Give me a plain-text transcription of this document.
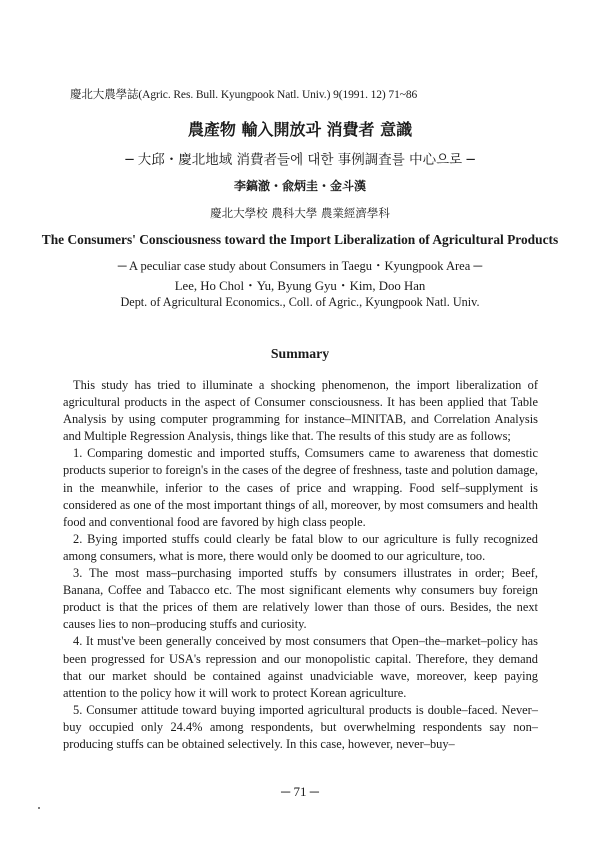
慶北大農學誌(Agric. Res. Bull. Kyungpook Natl. Univ.) 9(1991. 12) 71~86
農產物 輸入開放과 消費者 意識
─ 大邱・慶北地域 消費者들에 대한 事例調査를 中心으로 ─
李鎬澈・兪炳圭・金斗漢
慶北大學校 農科大學 農業經濟學科
The Consumers' Consciousness toward the Import Liberalization of Agricultural Products
─ A peculiar case study about Consumers in Taegu・Kyungpook Area ─
Lee, Ho Chol・Yu, Byung Gyu・Kim, Doo Han
Dept. of Agricultural Economics., Coll. of Agric., Kyungpook Natl. Univ.
Summary

This study has tried to illuminate a shocking phenomenon, the import liberalization of agricultural products in the aspect of Consumer consciousness. It has been applied that Table Analysis by using computer programming for instance–MINITAB, and Correlation Analysis and Multiple Regression Analysis, things like that. The results of this study are as follows;

1. Comparing domestic and imported stuffs, Comsumers came to awareness that domestic products superior to foreign's in the cases of the degree of freshness, taste and polution damage, in the meanwhile, inferior to the cases of price and wrapping. Food self–supplyment is considered as one of the most important things of all, moreover, by most comsumers and health food and conventional food are favored by high class people.

2. Bying imported stuffs could clearly be fatal blow to our agriculture is fully recognized among consumers, what is more, there would only be doomed to our agriculture, too.

3. The most mass–purchasing imported stuffs by consumers illustrates in order; Beef, Banana, Coffee and Tabacco etc. The most significant elements why consumers buy foreign product is that the prices of them are relatively lower than those of ours. Besides, the next causes lies to non–producing stuffs and curiosity.

4. It must've been generally conceived by most consumers that Open–the–market–policy has been progressed for USA's repression and our monopolistic capital. Therefore, they demand that our market should be contained against unadviciable wave, moreover, keep paying attention to the policy how it will work to protect Korean agriculture.

5. Consumer attitude toward buying imported agricultural products is double–faced. Never–buy occupied only 24.4% among respondents, but overwhelming respondents say non–producing stuffs can be obtained selectively. In this case, however, never–buy–

─ 71 ─
